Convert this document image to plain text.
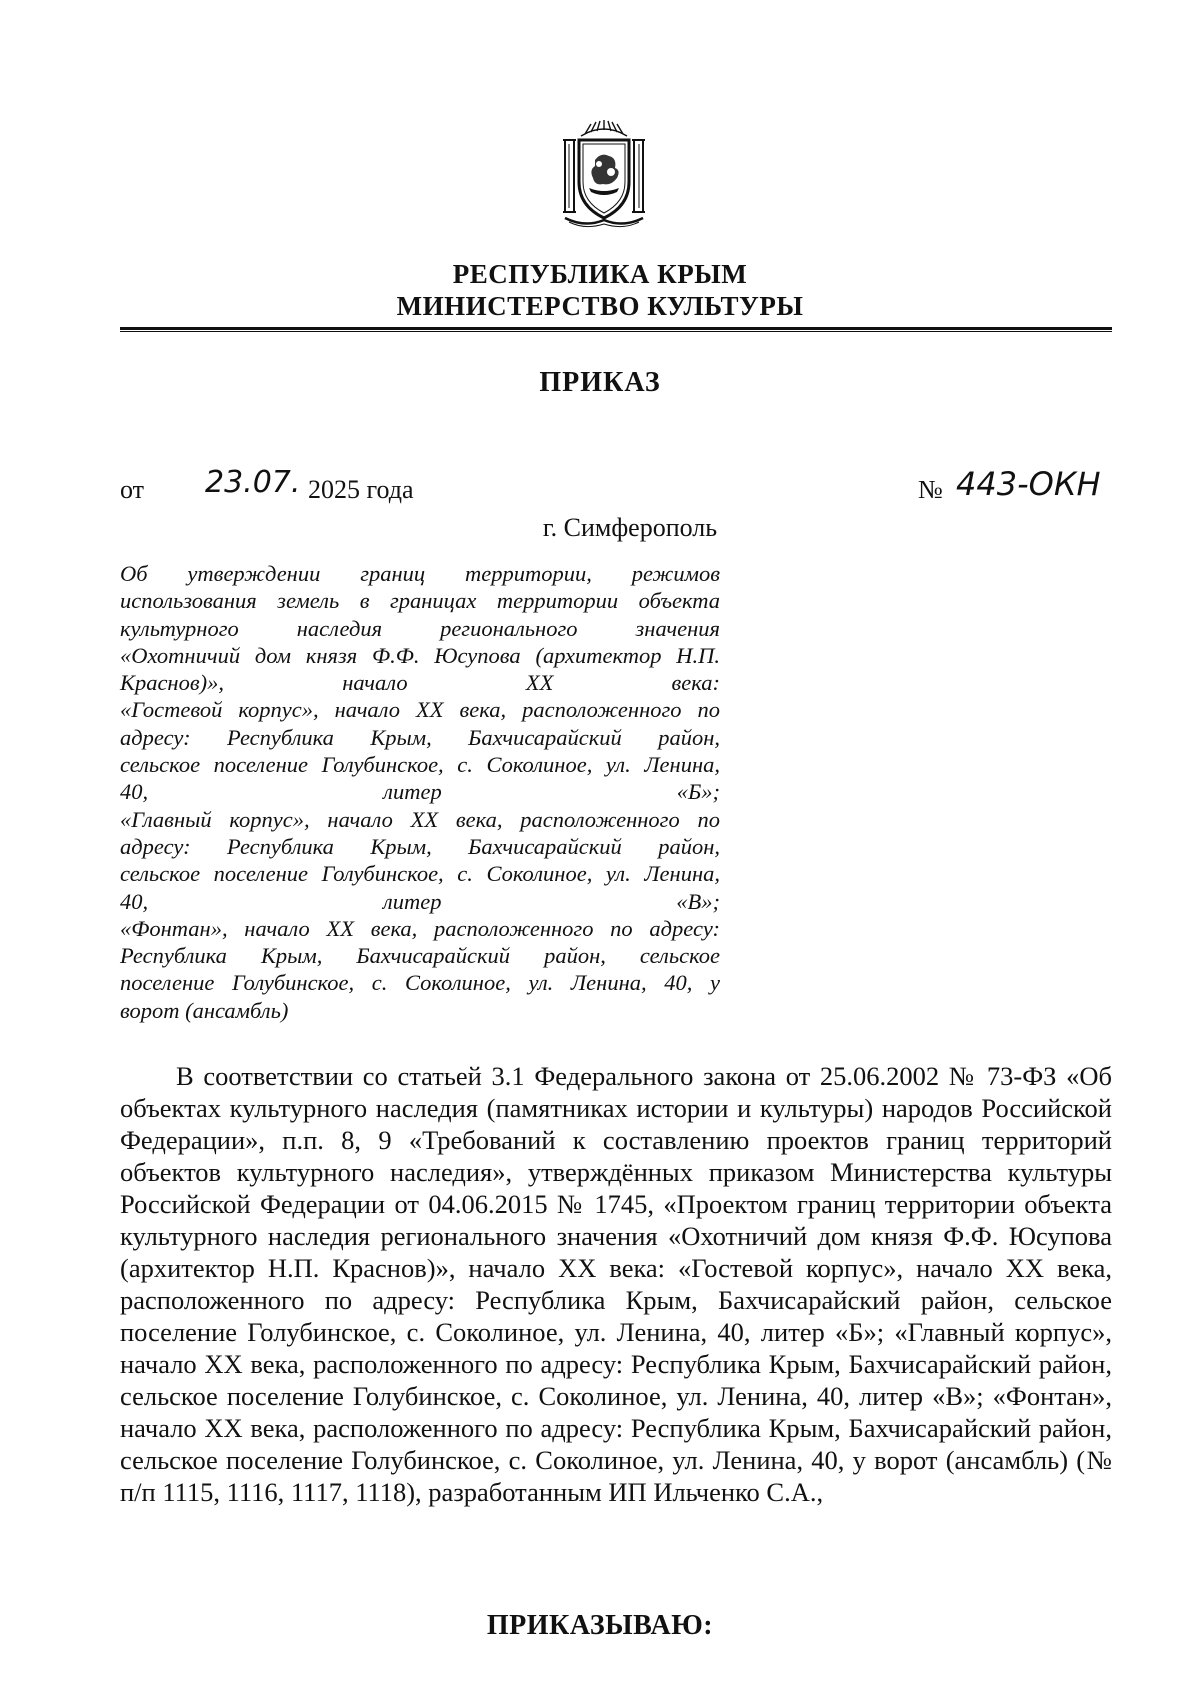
РЕСПУБЛИКА КРЫМ
МИНИСТЕРСТВО КУЛЬТУРЫ
ПРИКАЗ
от 23.07. 2025 года	№ 443-ОКН
г. Симферополь

Об утверждении границ территории, режимов

использования земель в границах территории объекта

культурного наследия регионального значения

«Охотничий дом князя Ф.Ф. Юсупова (архитектор Н.П.

Краснов)», начало XX века:

«Гостевой корпус», начало XX века, расположенного по

адресу: Республика Крым, Бахчисарайский район,

сельское поселение Голубинское, с. Соколиное, ул. Ленина,

40, литер «Б»;

«Главный корпус», начало XX века, расположенного по

адресу: Республика Крым, Бахчисарайский район,

сельское поселение Голубинское, с. Соколиное, ул. Ленина,

40, литер «В»;

«Фонтан», начало XX века, расположенного по адресу:

Республика Крым, Бахчисарайский район, сельское

поселение Голубинское, с. Соколиное, ул. Ленина, 40, у

ворот (ансамбль)

В соответствии со статьей 3.1 Федерального закона от 25.06.2002 № 73-ФЗ «Об объектах культурного наследия (памятниках истории и культуры) народов Российской Федерации», п.п. 8, 9 «Требований к составлению проектов границ территорий объектов культурного наследия», утверждённых приказом Министерства культуры Российской Федерации от 04.06.2015 № 1745, «Проектом границ территории объекта культурного наследия регионального значения «Охотничий дом князя Ф.Ф. Юсупова (архитектор Н.П. Краснов)», начало XX века: «Гостевой корпус», начало XX века, расположенного по адресу: Республика Крым, Бахчисарайский район, сельское поселение Голубинское, с. Соколиное, ул. Ленина, 40, литер «Б»; «Главный корпус», начало XX века, расположенного по адресу: Республика Крым, Бахчисарайский район, сельское поселение Голубинское, с. Соколиное, ул. Ленина, 40, литер «В»; «Фонтан», начало XX века, расположенного по адресу: Республика Крым, Бахчисарайский район, сельское поселение Голубинское, с. Соколиное, ул. Ленина, 40, у ворот (ансамбль) (№ п/п 1115, 1116, 1117, 1118), разработанным ИП Ильченко С.А.,

ПРИКАЗЫВАЮ:
